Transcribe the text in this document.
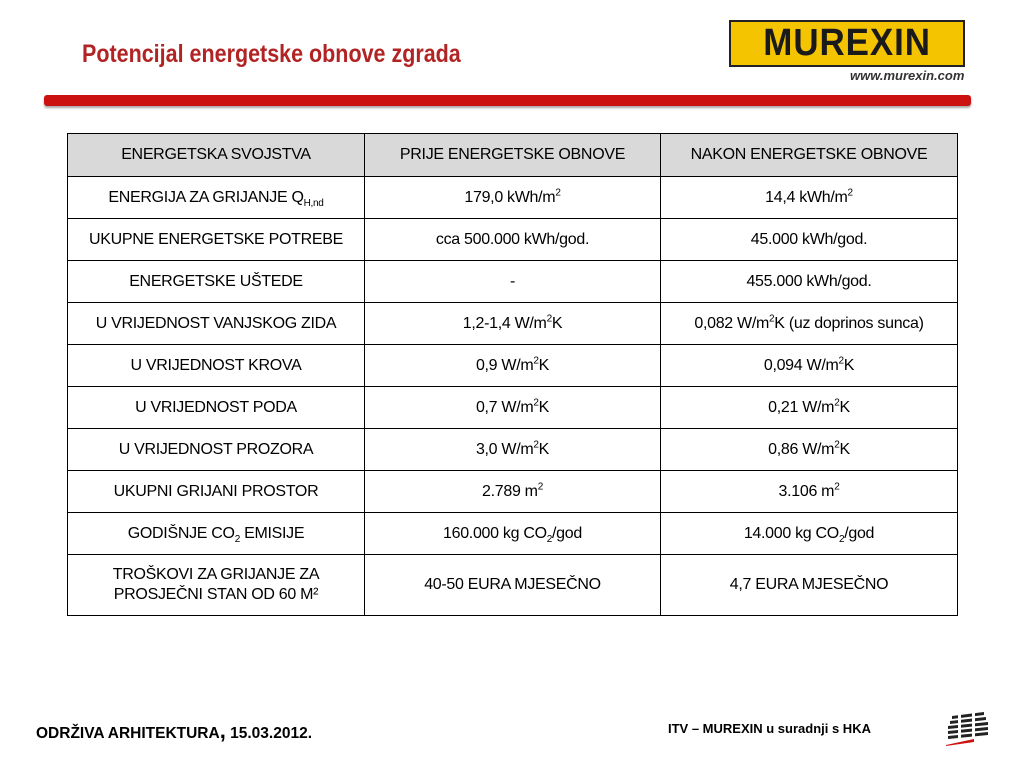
Potencijal energetske obnove zgrada	MUREXIN
www.murexin.com
ENERGETSKA SVOJSTVA	PRIJE ENERGETSKE OBNOVE	NAKON ENERGETSKE OBNOVE
ENERGIJA ZA GRIJANJE $Q_{H,nd}$	179,0 kWh/$m^2$	14,4 kWh/$m^2$
UKUPNE ENERGETSKE POTREBE	cca 500.000 kWh/god.	45.000 kWh/god.
ENERGETSKE UŠTEDE	-	455.000 kWh/god.
U VRIJEDNOST VANJSKOG ZIDA	1,2-1,4 $W/m^2K$	0,082 $W/m^2K$ (uz doprinos sunca)
U VRIJEDNOST KROVA	0,9 $W/m^2K$	0,094 $W/m^2K$
U VRIJEDNOST PODA	0,7 $W/m^2K$	0,21 $W/m^2K$
U VRIJEDNOST PROZORA	3,0 $W/m^2K$	0,86 $W/m^2K$
UKUPNI GRIJANI PROSTOR	2.789 $m^2$	3.106 $m^2$
GODIŠNJE $CO_2$ EMISIJE	160.000 kg $CO_2$/god	14.000 kg $CO_2$/god
TROŠKOVI ZA GRIJANJE ZA
PROSJEČNI STAN OD 60 M²	40-50 EURA MJESEČNO	4,7 EURA MJESEČNO
ODRŽIVA ARHITEKTURA, 15.03.2012.	ITV – MUREXIN u suradnji s HKA
